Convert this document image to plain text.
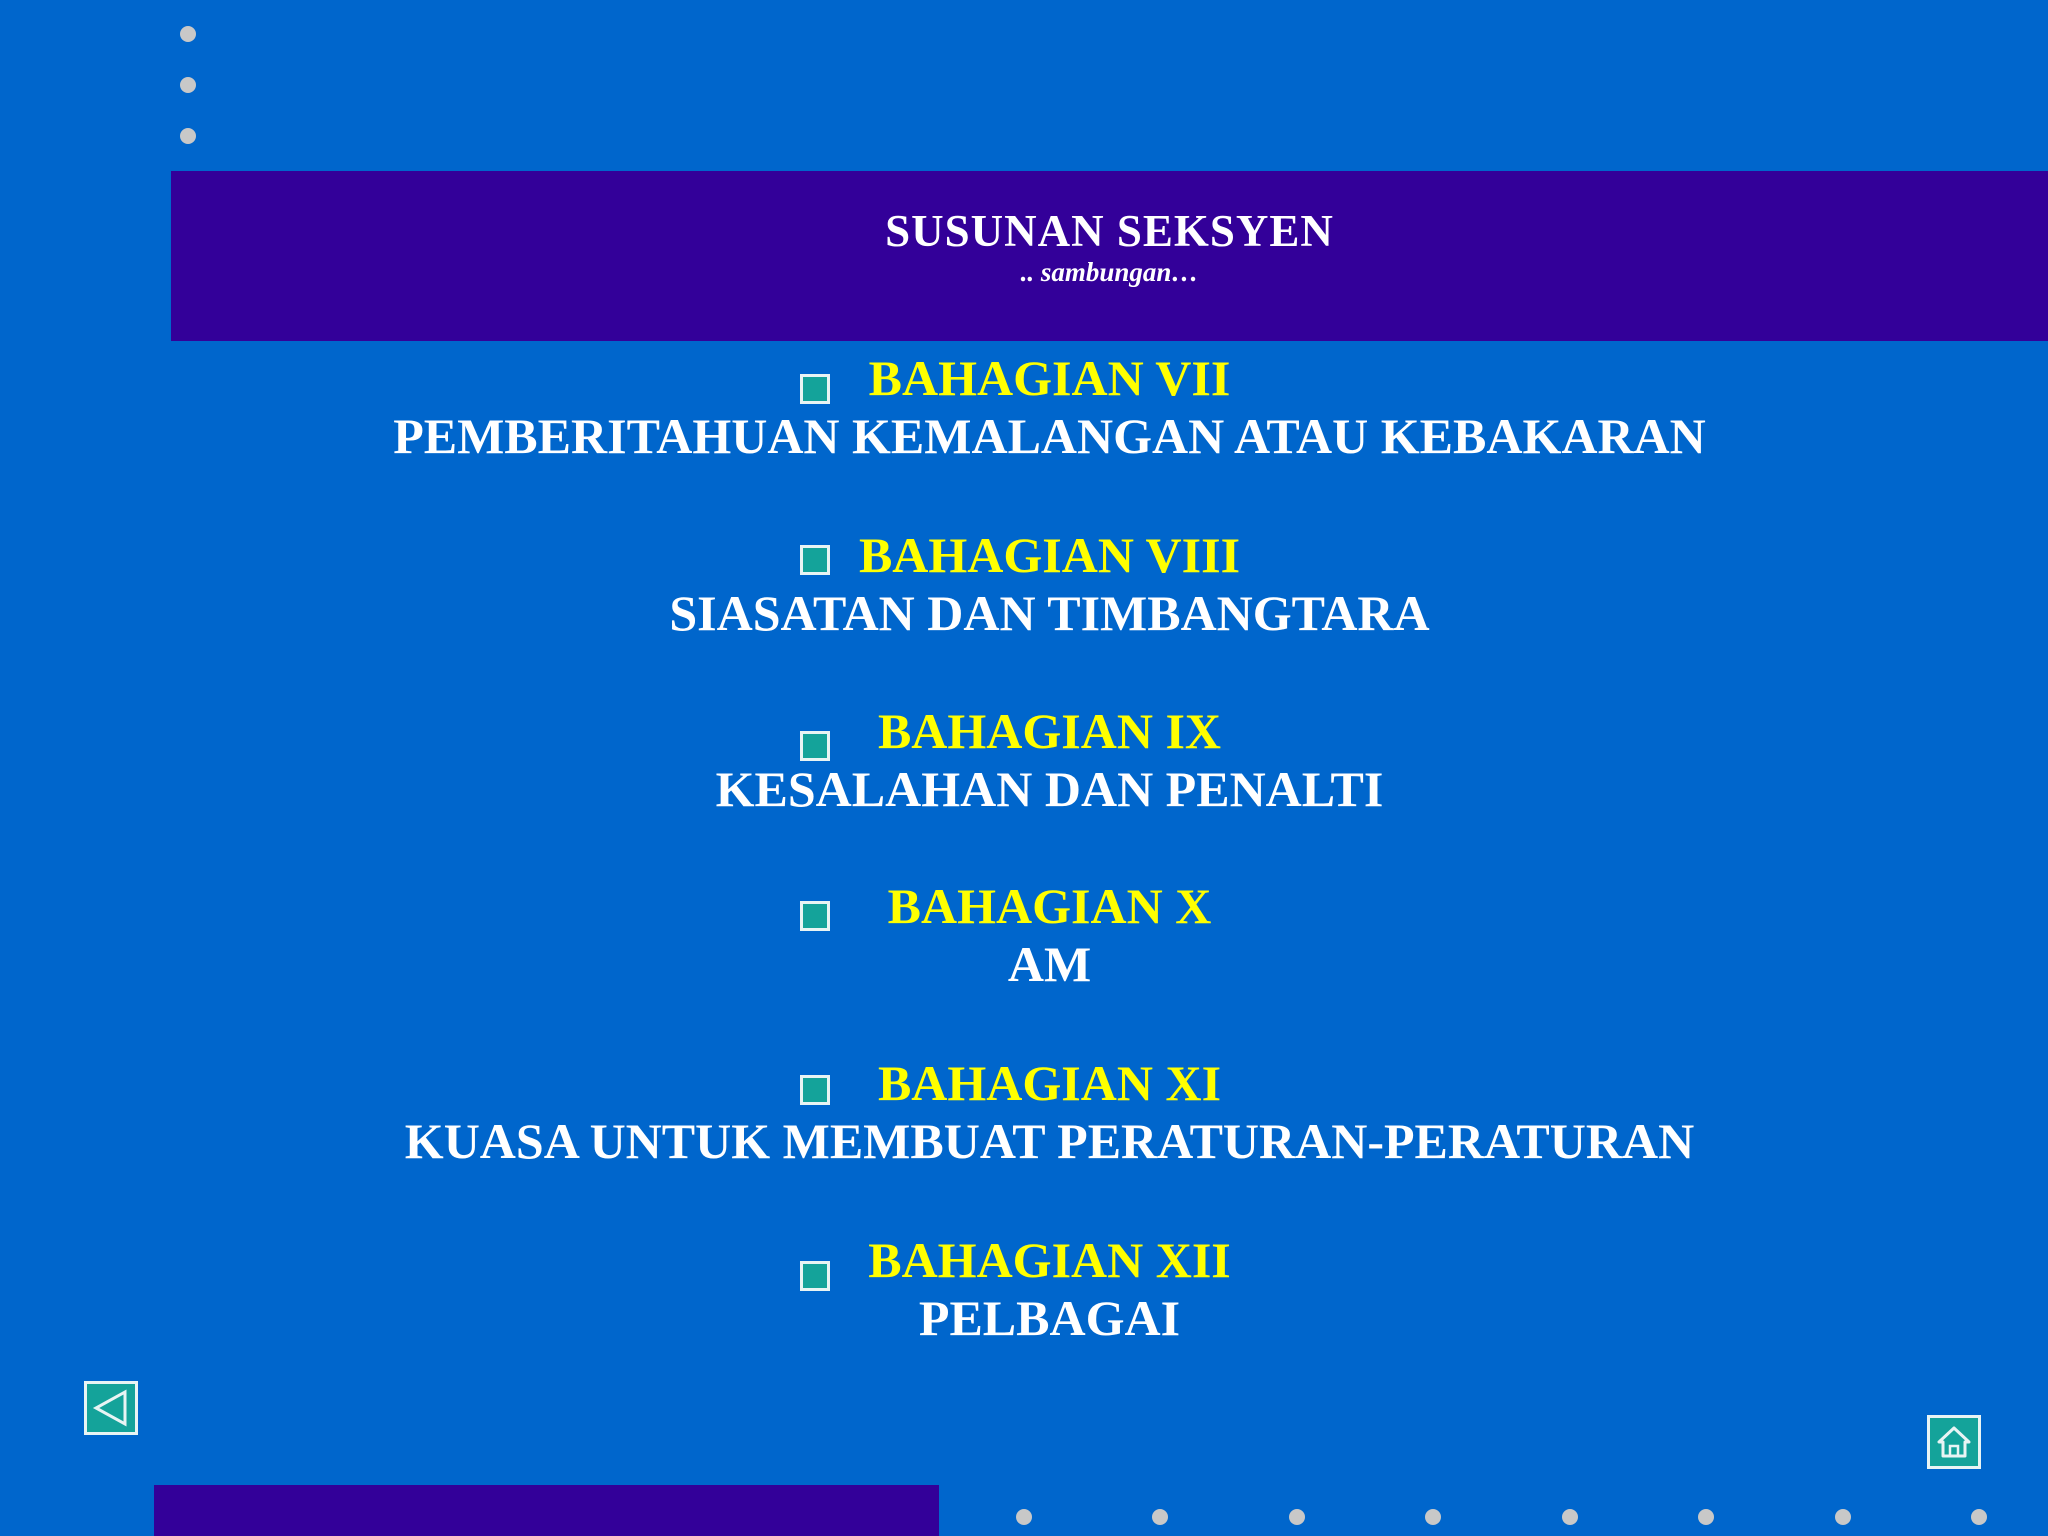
SUSUNAN SEKSYEN
.. sambungan…
BAHAGIAN VII
PEMBERITAHUAN KEMALANGAN ATAU KEBAKARAN
BAHAGIAN VIII
SIASATAN DAN TIMBANGTARA
BAHAGIAN IX
KESALAHAN DAN PENALTI
BAHAGIAN X
AM
BAHAGIAN XI
KUASA UNTUK MEMBUAT PERATURAN-PERATURAN
BAHAGIAN XII
PELBAGAI
